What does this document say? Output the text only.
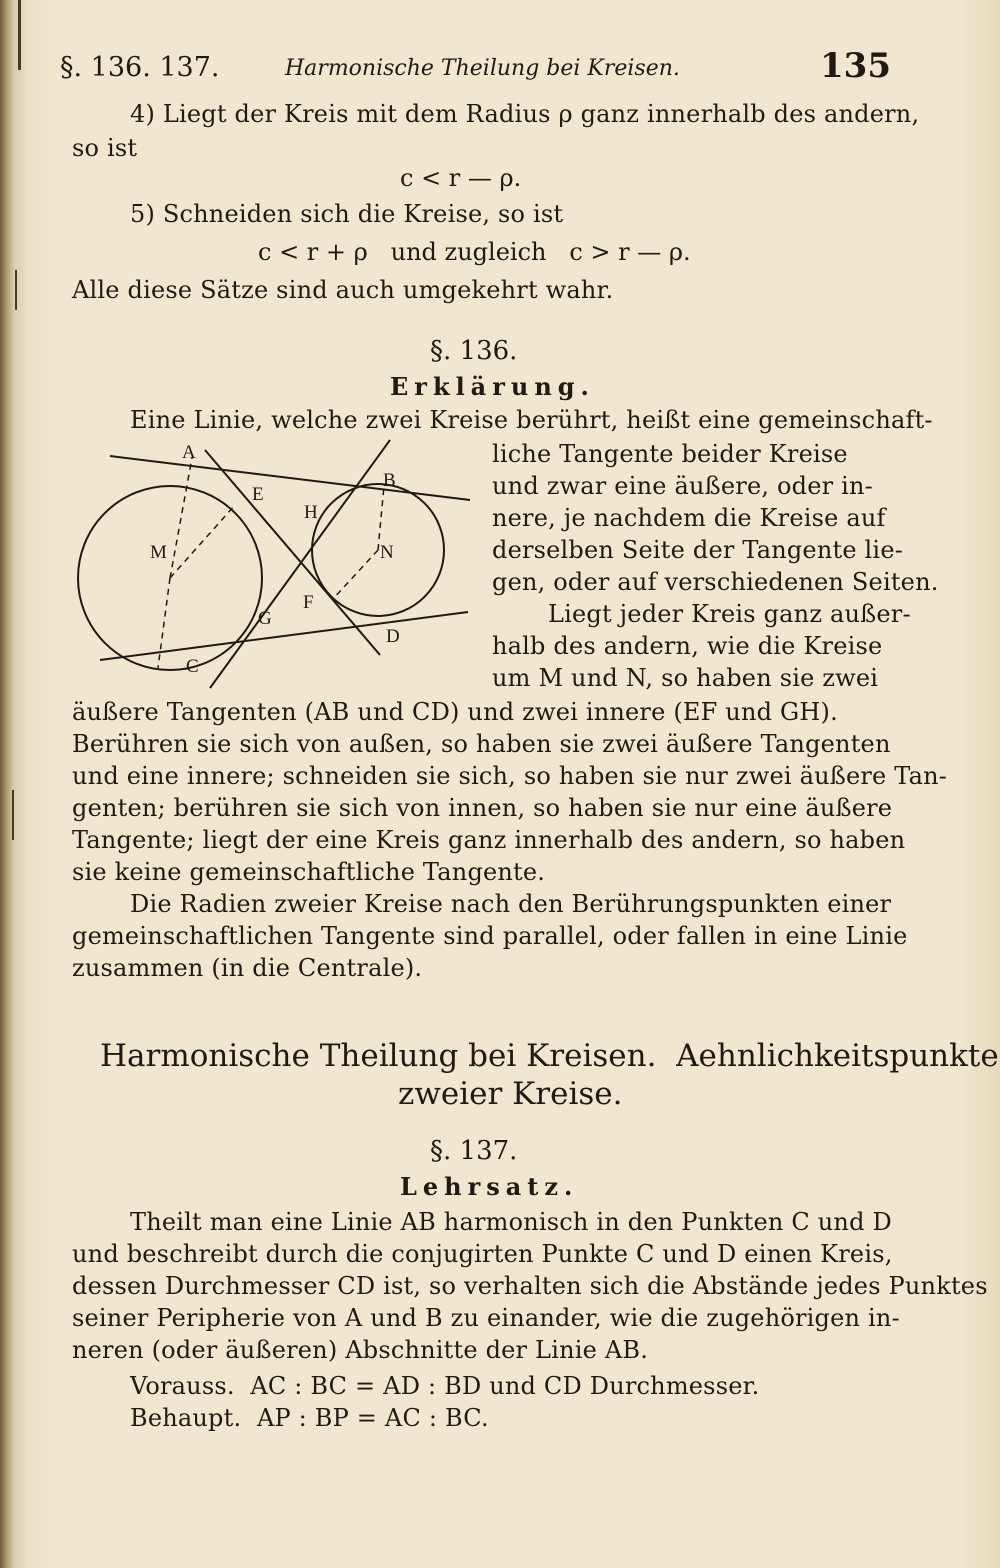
§. 136. 137.	Harmonische Theilung bei Kreisen.	135
4) Liegt der Kreis mit dem Radius ρ ganz innerhalb des andern,
so ist
c < r — ρ.
5) Schneiden sich die Kreise, so ist
c < r + ρ   und zugleich   c > r — ρ.
Alle diese Sätze sind auch umgekehrt wahr.
§. 136.
Erklärung.
Eine Linie, welche zwei Kreise berührt, heißt eine gemeinschaft-
liche Tangente beider Kreise
und zwar eine äußere, oder in-
nere, je nachdem die Kreise auf
derselben Seite der Tangente lie-
gen, oder auf verschiedenen Seiten.
Liegt jeder Kreis ganz außer-
halb des andern, wie die Kreise
um M und N, so haben sie zwei
A
B
C
D
E
F
G
H
M	N
äußere Tangenten (AB und CD) und zwei innere (EF und GH).
Berühren sie sich von außen, so haben sie zwei äußere Tangenten
und eine innere; schneiden sie sich, so haben sie nur zwei äußere Tan-
genten; berühren sie sich von innen, so haben sie nur eine äußere
Tangente; liegt der eine Kreis ganz innerhalb des andern, so haben
sie keine gemeinschaftliche Tangente.
Die Radien zweier Kreise nach den Berührungspunkten einer
gemeinschaftlichen Tangente sind parallel, oder fallen in eine Linie
zusammen (in die Centrale).
Harmonische Theilung bei Kreisen.  Aehnlichkeitspunkte
zweier Kreise.
§. 137.
Lehrsatz.
Theilt man eine Linie AB harmonisch in den Punkten C und D
und beschreibt durch die conjugirten Punkte C und D einen Kreis,
dessen Durchmesser CD ist, so verhalten sich die Abstände jedes Punktes
seiner Peripherie von A und B zu einander, wie die zugehörigen in-
neren (oder äußeren) Abschnitte der Linie AB.
Vorauss.  AC : BC = AD : BD und CD Durchmesser.
Behaupt.  AP : BP = AC : BC.
